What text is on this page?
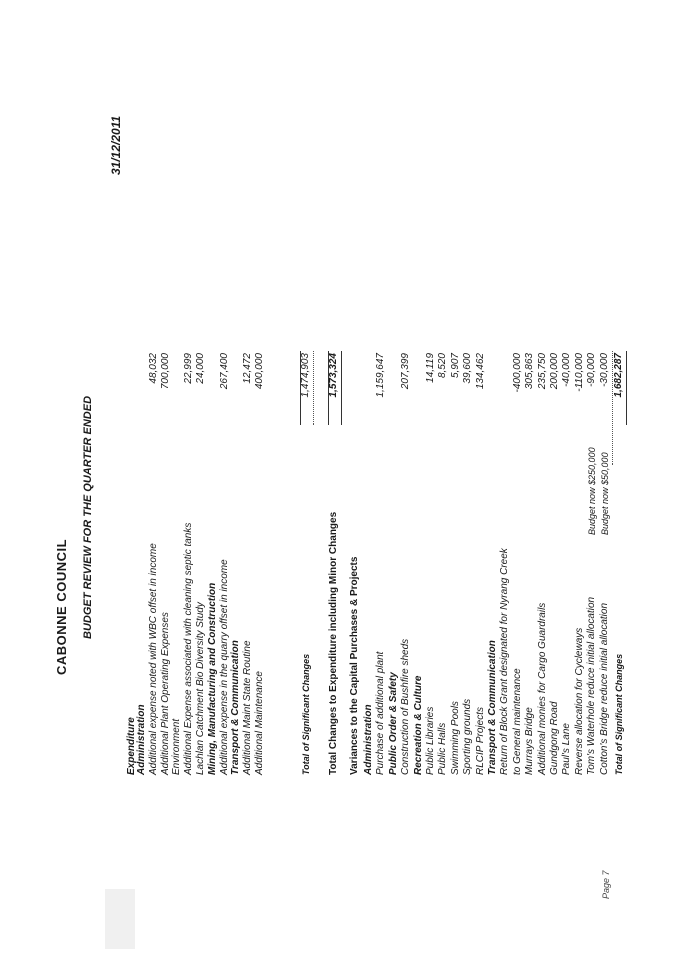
CABONNE COUNCIL BUDGET REVIEW FOR THE QUARTER ENDED
31/12/2011
Expenditure Administration Additional expense noted with WBC offset in income
48,032
Additional Plant Operating Expenses
700,000
Environment Additional Expense associated with cleaning septic tanks
22,999
Lachlan Catchment Bio Diversity Study
24,000
Mining, Manufacturing and Construction Additional expense in the quarry offset in income
267,400
Transport & Communication Additional Maint State Routine
12,472
Additional Maintenance
400,000
Total of Significant Changes
1,474,903
Total Changes to Expenditure including Minor Changes
1,573,324
Variances to the Capital Purchases & Projects Administration Purchase of additional plant
1,159,647
Public Order & Safety Construction of Bushfire sheds
207,399
Recreation & Culture Public Libraries
14,119
Public Halls
8,520
Swimming Pools
5,907
Sporting grounds
39,600
RLCIP Projects
134,462
Transport & Communication Return of Block Grant designated for Nyrang Creek to General maintenance
-400,000
Murrays Bridge
305,863
Additional monies for Cargo Guardrails
235,750
Gundgong Road
200,000
Paul's Lane
-40,000
Reverse allocation for Cycleways
-110,000
Tom's Waterhole reduce initial allocation
Budget now $250,000
-90,000
Cotton's Bridge reduce initial allocation
Budget now $50,000
-30,000
Total of Significant Changes
1,682,287
Page 7
